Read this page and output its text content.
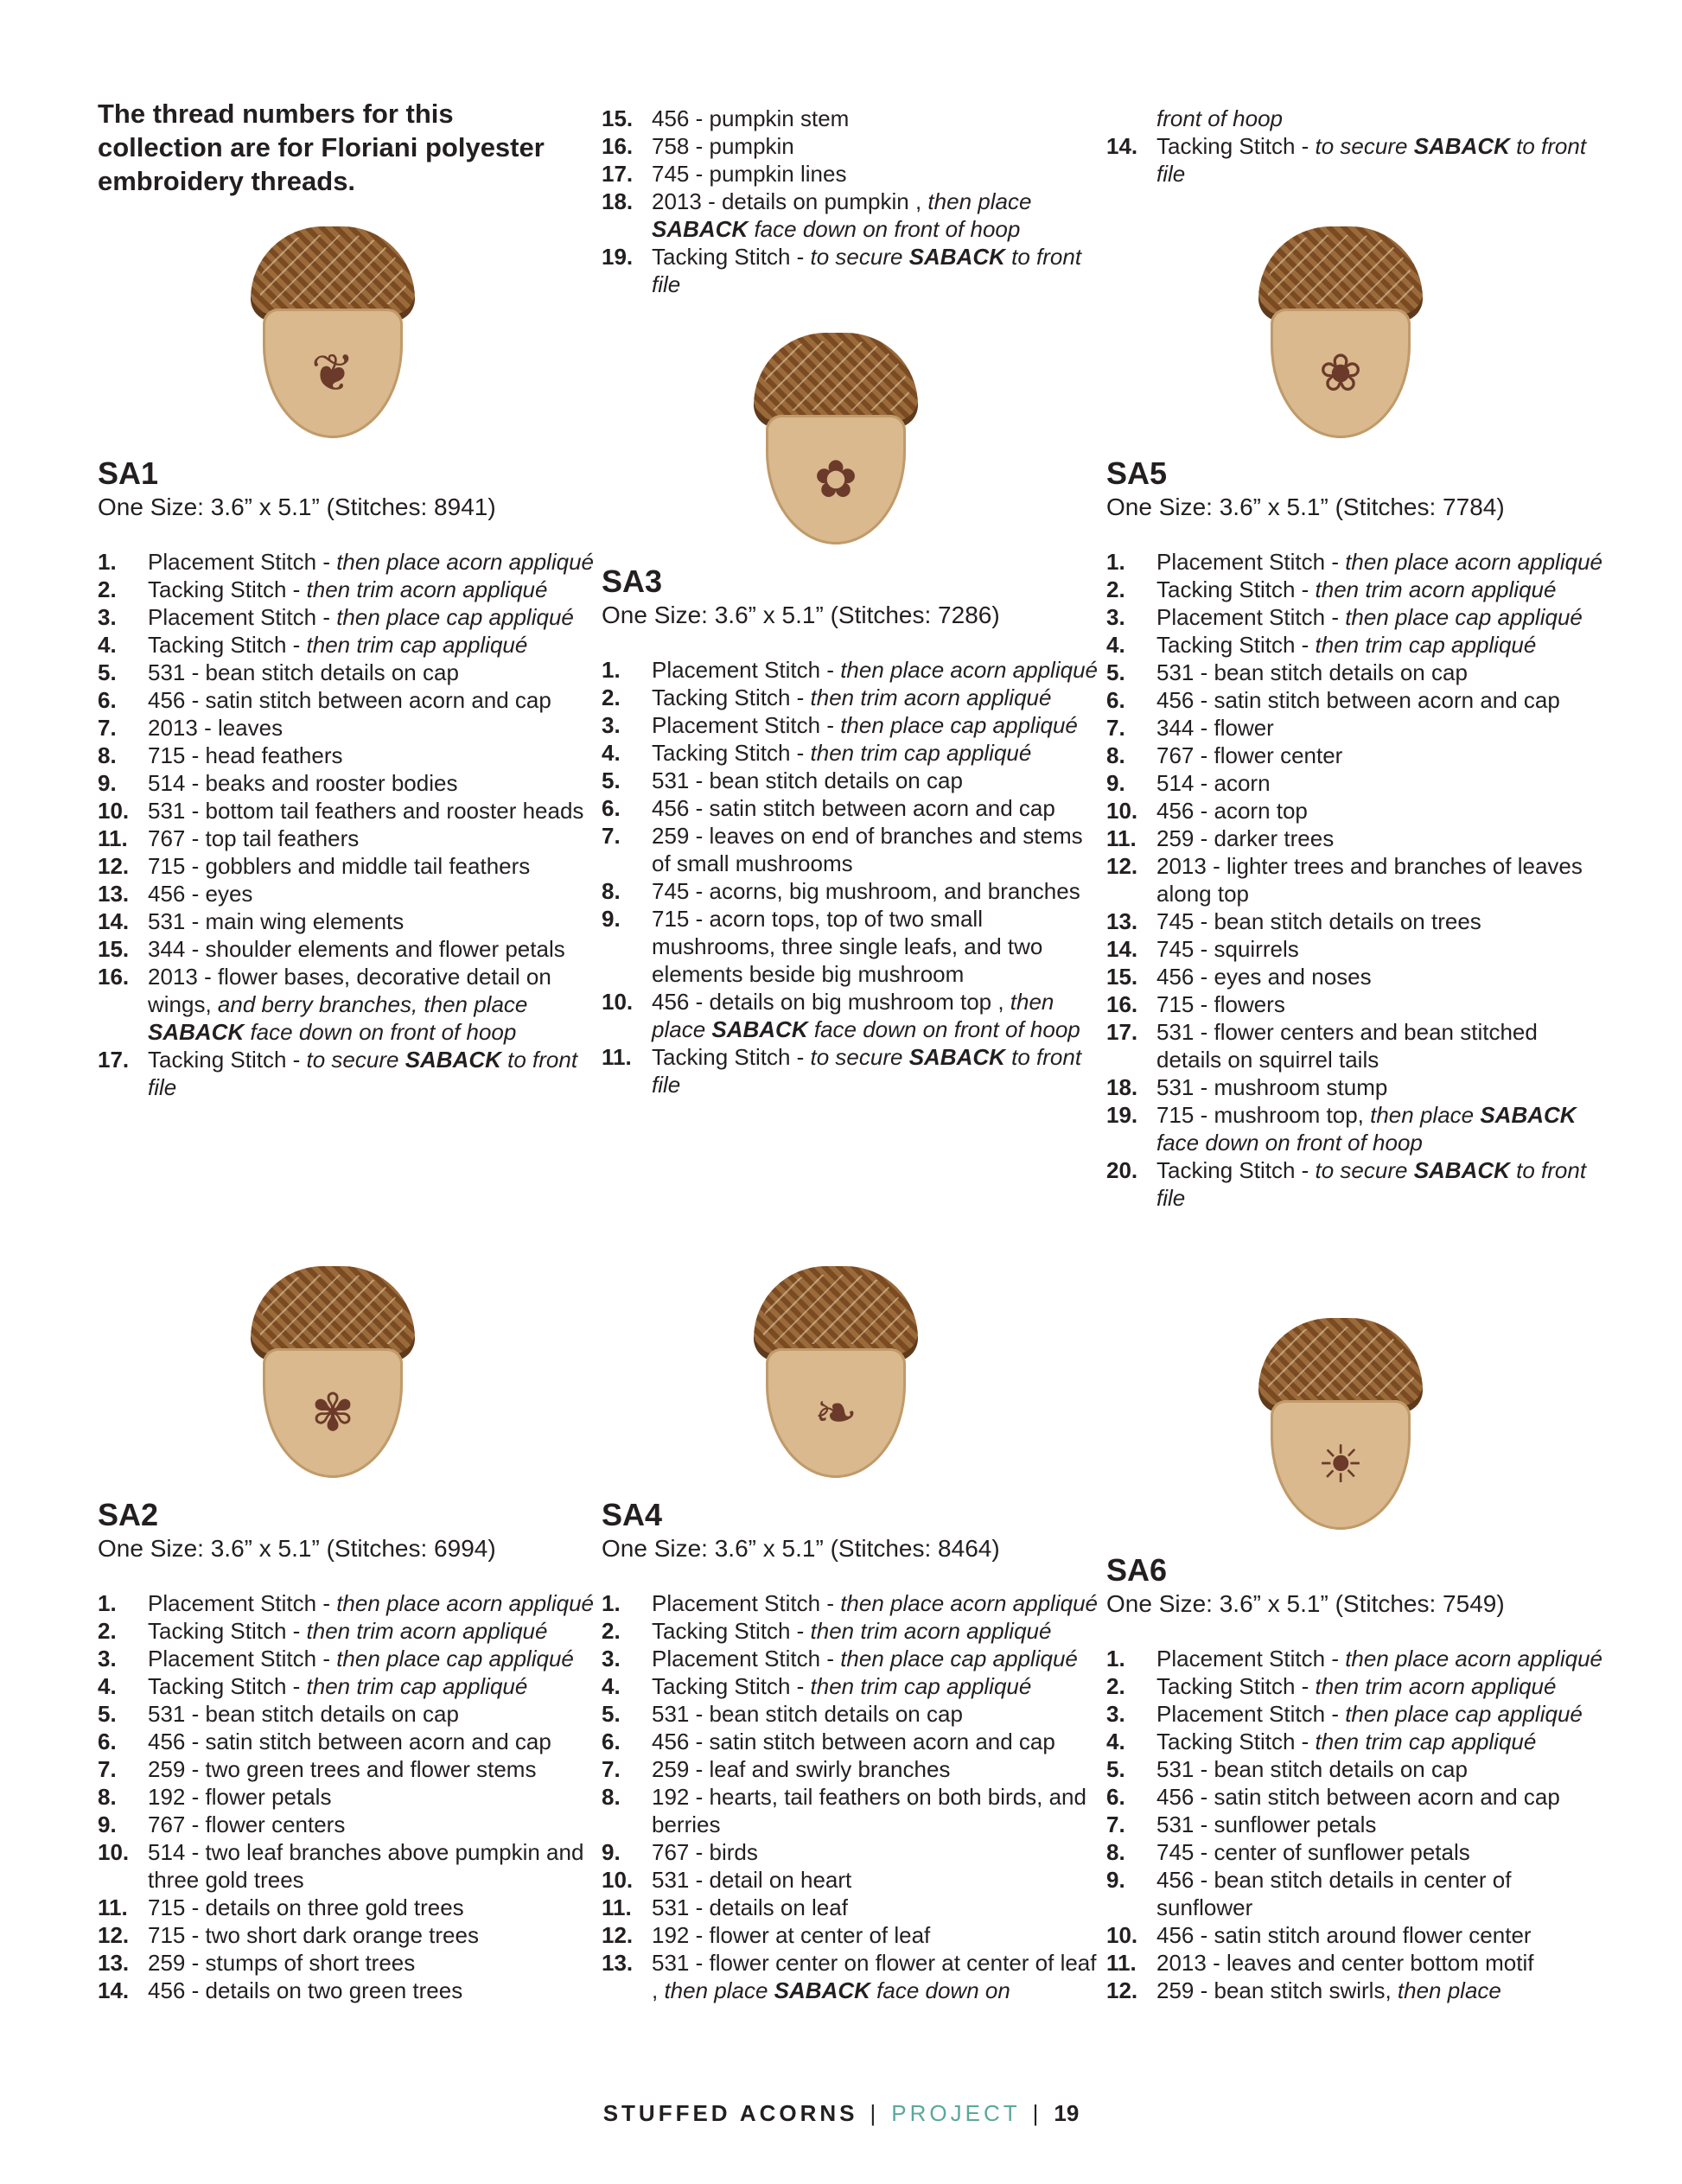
The thread numbers for this collection are for Floriani polyester embroidery threads.
❦
✿
❀
✾	❧
☀
SA1
One Size: 3.6” x 5.1” (Stitches: 8941)
1. Placement Stitch - then place acorn appliqué
2. Tacking Stitch - then trim acorn appliqué
3. Placement Stitch - then place cap appliqué
4. Tacking Stitch - then trim cap appliqué
5. 531 - bean stitch details on cap
6. 456 - satin stitch between acorn and cap
7. 2013 - leaves
8. 715 - head feathers
9. 514 - beaks and rooster bodies
10. 531 - bottom tail feathers and rooster heads
11. 767 - top tail feathers
12. 715 - gobblers and middle tail feathers
13. 456 - eyes
14. 531 - main wing elements
15. 344 - shoulder elements and flower petals
16. 2013 - flower bases, decorative detail on wings, and berry branches, then place SABACK face down on front of hoop
17. Tacking Stitch - to secure SABACK to front file
SA2
One Size: 3.6” x 5.1” (Stitches: 6994)
1. Placement Stitch - then place acorn appliqué
2. Tacking Stitch - then trim acorn appliqué
3. Placement Stitch - then place cap appliqué
4. Tacking Stitch - then trim cap appliqué
5. 531 - bean stitch details on cap
6. 456 - satin stitch between acorn and cap
7. 259 - two green trees and flower stems
8. 192 - flower petals
9. 767 - flower centers
10. 514 - two leaf branches above pumpkin and three gold trees
11. 715 - details on three gold trees
12. 715 - two short dark orange trees
13. 259 - stumps of short trees
14. 456 - details on two green trees
15. 456 - pumpkin stem
16. 758 - pumpkin
17. 745 - pumpkin lines
18. 2013 - details on pumpkin , then place SABACK face down on front of hoop
19. Tacking Stitch - to secure SABACK to front file
SA3
One Size: 3.6” x 5.1” (Stitches: 7286)
1. Placement Stitch - then place acorn appliqué
2. Tacking Stitch - then trim acorn appliqué
3. Placement Stitch - then place cap appliqué
4. Tacking Stitch - then trim cap appliqué
5. 531 - bean stitch details on cap
6. 456 - satin stitch between acorn and cap
7. 259 - leaves on end of branches and stems of small mushrooms
8. 745 - acorns, big mushroom, and branches
9. 715 - acorn tops, top of two small mushrooms, three single leafs, and two elements beside big mushroom
10. 456 - details on big mushroom top , then place SABACK face down on front of hoop
11. Tacking Stitch - to secure SABACK to front file
SA4
One Size: 3.6” x 5.1” (Stitches: 8464)
1. Placement Stitch - then place acorn appliqué
2. Tacking Stitch - then trim acorn appliqué
3. Placement Stitch - then place cap appliqué
4. Tacking Stitch - then trim cap appliqué
5. 531 - bean stitch details on cap
6. 456 - satin stitch between acorn and cap
7. 259 - leaf and swirly branches
8. 192 - hearts, tail feathers on both birds, and berries
9. 767 - birds
10. 531 - detail on heart
11. 531 - details on leaf
12. 192 - flower at center of leaf
13. 531 - flower center on flower at center of leaf , then place SABACK face down on
front of hoop
14. Tacking Stitch - to secure SABACK to front file
SA5
One Size: 3.6” x 5.1” (Stitches: 7784)
1. Placement Stitch - then place acorn appliqué
2. Tacking Stitch - then trim acorn appliqué
3. Placement Stitch - then place cap appliqué
4. Tacking Stitch - then trim cap appliqué
5. 531 - bean stitch details on cap
6. 456 - satin stitch between acorn and cap
7. 344 - flower
8. 767 - flower center
9. 514 - acorn
10. 456 - acorn top
11. 259 - darker trees
12. 2013 - lighter trees and branches of leaves along top
13. 745 - bean stitch details on trees
14. 745 - squirrels
15. 456 - eyes and noses
16. 715 - flowers
17. 531 - flower centers and bean stitched details on squirrel tails
18. 531 - mushroom stump
19. 715 - mushroom top, then place SABACK face down on front of hoop
20. Tacking Stitch - to secure SABACK to front file
SA6
One Size: 3.6” x 5.1” (Stitches: 7549)
1. Placement Stitch - then place acorn appliqué
2. Tacking Stitch - then trim acorn appliqué
3. Placement Stitch - then place cap appliqué
4. Tacking Stitch - then trim cap appliqué
5. 531 - bean stitch details on cap
6. 456 - satin stitch between acorn and cap
7. 531 - sunflower petals
8. 745 - center of sunflower petals
9. 456 - bean stitch details in center of sunflower
10. 456 - satin stitch around flower center
11. 2013 - leaves and center bottom motif
12. 259 - bean stitch swirls, then place
STUFFED ACORNS | PROJECT | 19
